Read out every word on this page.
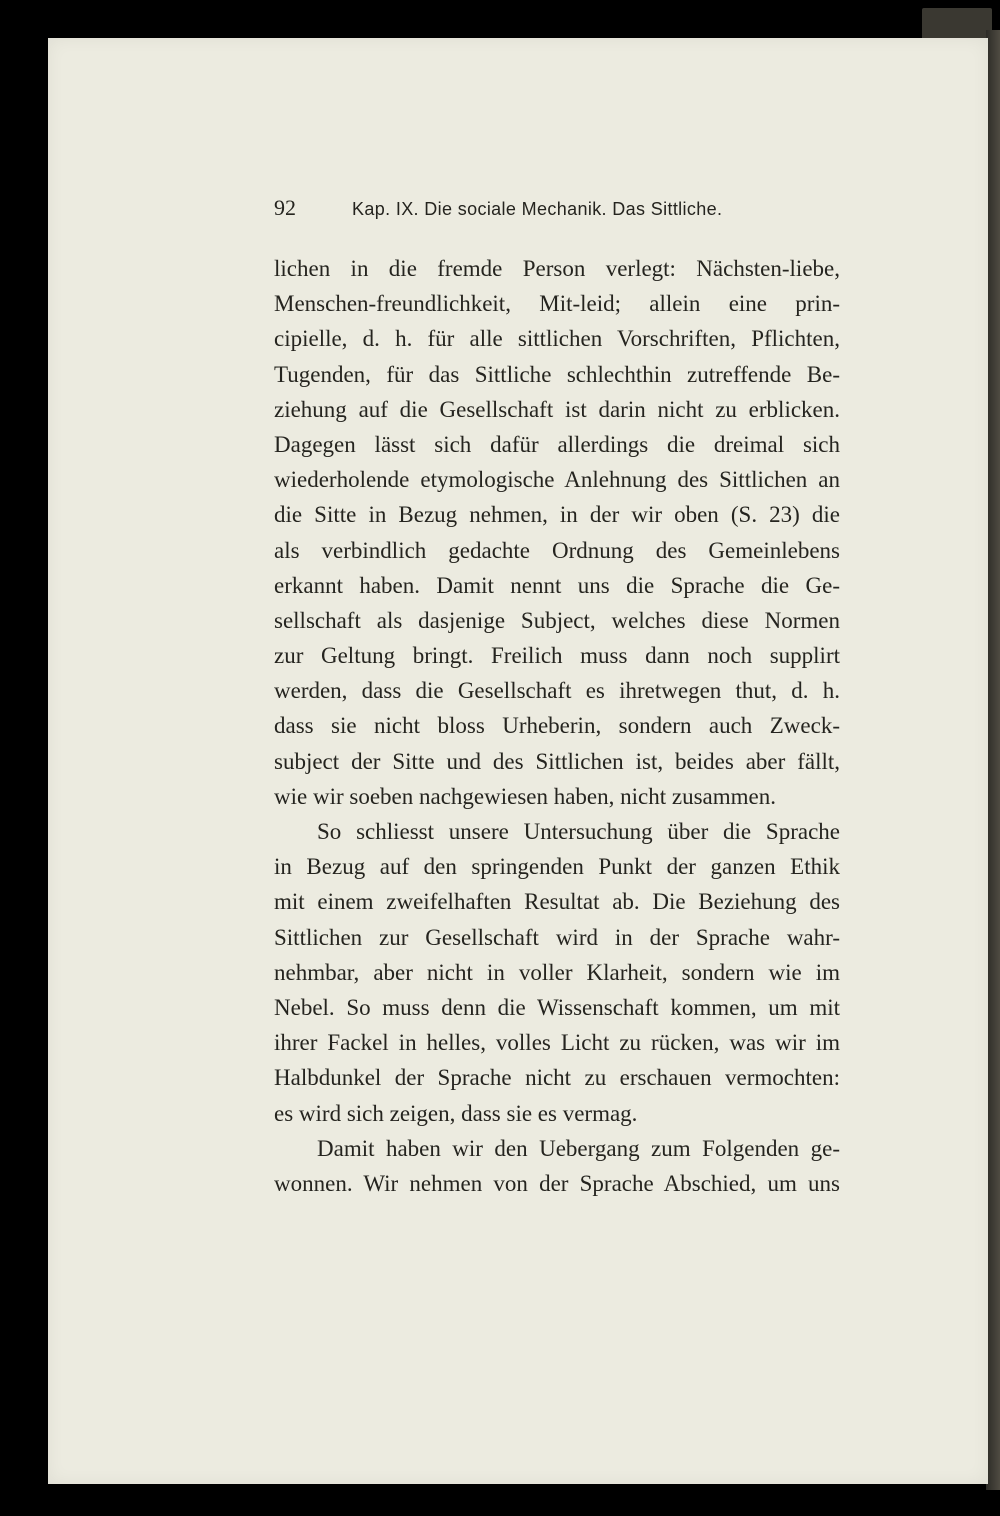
92	Kap. IX. Die sociale Mechanik. Das Sittliche.
lichen in die fremde Person verlegt: Nächsten-liebe,
Menschen-freundlichkeit, Mit-leid; allein eine prin-
cipielle, d. h. für alle sittlichen Vorschriften, Pflichten,
Tugenden, für das Sittliche schlechthin zutreffende Be-
ziehung auf die Gesellschaft ist darin nicht zu erblicken.
Dagegen lässt sich dafür allerdings die dreimal sich
wiederholende etymologische Anlehnung des Sittlichen an
die Sitte in Bezug nehmen, in der wir oben (S. 23) die
als verbindlich gedachte Ordnung des Gemeinlebens
erkannt haben. Damit nennt uns die Sprache die Ge-
sellschaft als dasjenige Subject, welches diese Normen
zur Geltung bringt. Freilich muss dann noch supplirt
werden, dass die Gesellschaft es ihretwegen thut, d. h.
dass sie nicht bloss Urheberin, sondern auch Zweck-
subject der Sitte und des Sittlichen ist, beides aber fällt,
wie wir soeben nachgewiesen haben, nicht zusammen.
So schliesst unsere Untersuchung über die Sprache
in Bezug auf den springenden Punkt der ganzen Ethik
mit einem zweifelhaften Resultat ab. Die Beziehung des
Sittlichen zur Gesellschaft wird in der Sprache wahr-
nehmbar, aber nicht in voller Klarheit, sondern wie im
Nebel. So muss denn die Wissenschaft kommen, um mit
ihrer Fackel in helles, volles Licht zu rücken, was wir im
Halbdunkel der Sprache nicht zu erschauen vermochten:
es wird sich zeigen, dass sie es vermag.
Damit haben wir den Uebergang zum Folgenden ge-
wonnen. Wir nehmen von der Sprache Abschied, um uns
